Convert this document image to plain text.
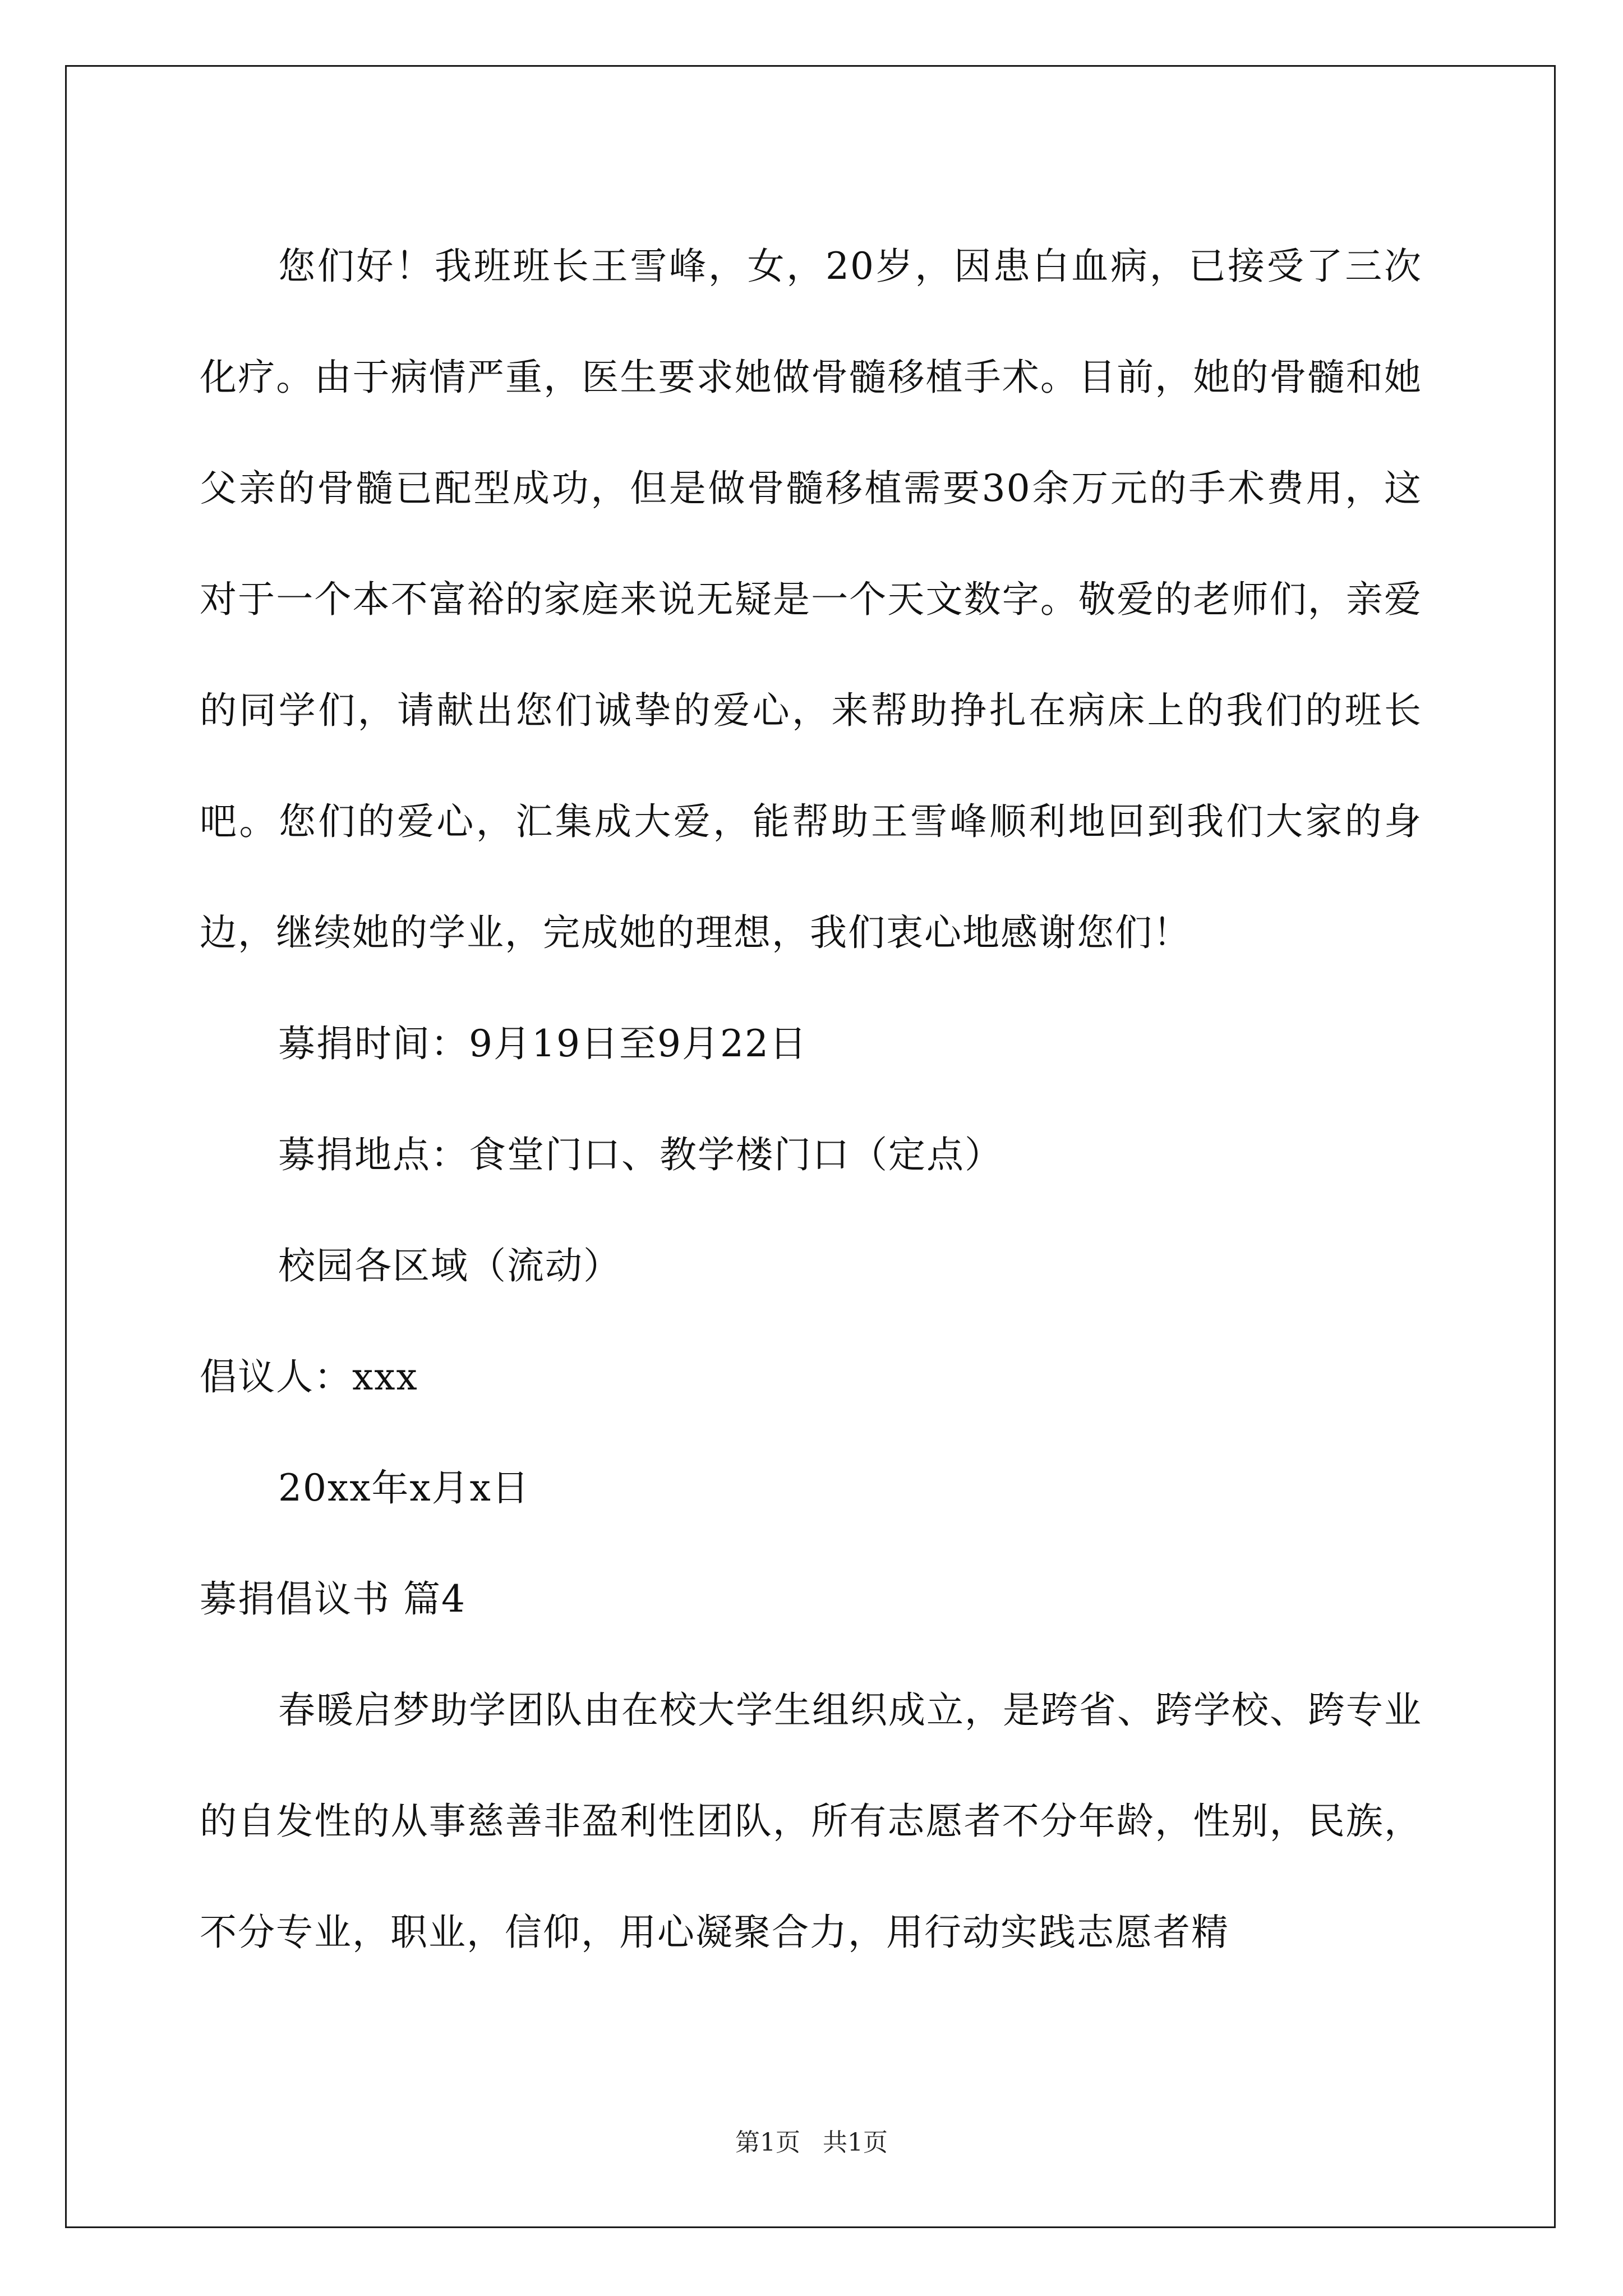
您们好！我班班长王雪峰，女，20岁，因患白血病，已接受了三次化疗。由于病情严重，医生要求她做骨髓移植手术。目前，她的骨髓和她父亲的骨髓已配型成功，但是做骨髓移植需要30余万元的手术费用，这对于一个本不富裕的家庭来说无疑是一个天文数字。敬爱的老师们，亲爱的同学们，请献出您们诚挚的爱心，来帮助挣扎在病床上的我们的班长吧。您们的爱心，汇集成大爱，能帮助王雪峰顺利地回到我们大家的身边，继续她的学业，完成她的理想，我们衷心地感谢您们！

募捐时间：9月19日至9月22日

募捐地点：食堂门口、教学楼门口（定点）

校园各区域（流动）

倡议人：xxx

20xx年x月x日

募捐倡议书 篇4

春暖启梦助学团队由在校大学生组织成立，是跨省、跨学校、跨专业的自发性的从事慈善非盈利性团队，所有志愿者不分年龄，性别，民族，不分专业，职业，信仰，用心凝聚合力，用行动实践志愿者精

第1页 共1页
